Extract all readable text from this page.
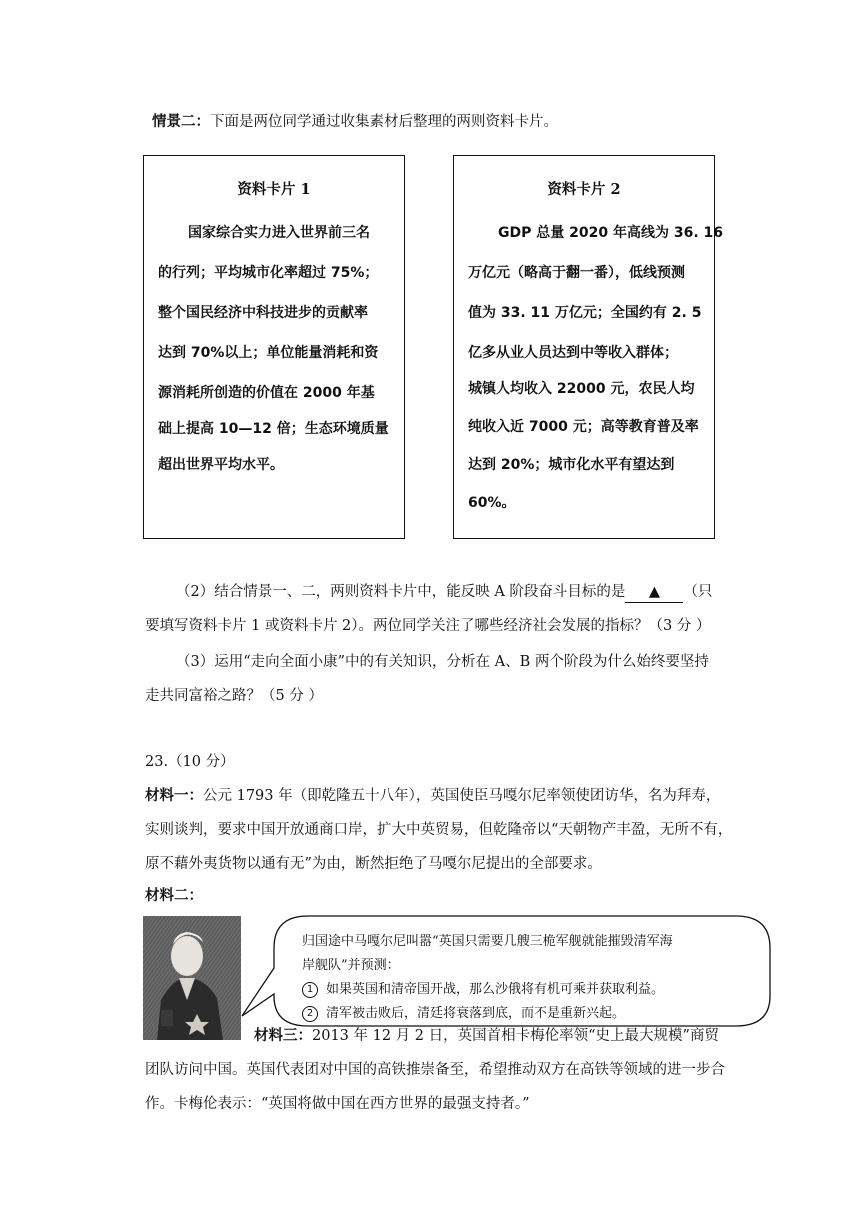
情景二：下面是两位同学通过收集素材后整理的两则资料卡片。
资料卡片 1
国家综合实力进入世界前三名
的行列；平均城市化率超过 75%；
整个国民经济中科技进步的贡献率
达到 70%以上；单位能量消耗和资
源消耗所创造的价值在 2000 年基
础上提高 10—12 倍；生态环境质量
超出世界平均水平。
资料卡片 2
GDP 总量 2020 年高线为 36. 16
万亿元（略高于翻一番），低线预测
值为 33. 11 万亿元；全国约有 2. 5
亿多从业人员达到中等收入群体；
城镇人均收入 22000 元，农民人均
纯收入近 7000 元；高等教育普及率
达到 20%；城市化水平有望达到
60%。
（2）结合情景一、二，两则资料卡片中，能反映 A 阶段奋斗目标的是 ▲ （只
要填写资料卡片 1 或资料卡片 2）。两位同学关注了哪些经济社会发展的指标？（3 分 ）
（3）运用“走向全面小康”中的有关知识，分析在 A、B 两个阶段为什么始终要坚持
走共同富裕之路？（5 分 ）
23.（10 分）
材料一：公元 1793 年（即乾隆五十八年），英国使臣马嘎尔尼率领使团访华，名为拜寿，
实则谈判，要求中国开放通商口岸，扩大中英贸易，但乾隆帝以“天朝物产丰盈，无所不有，
原不藉外夷货物以通有无”为由，断然拒绝了马嘎尔尼提出的全部要求。
材料二：
归国途中马嘎尔尼叫嚣“英国只需要几艘三桅军舰就能摧毁清军海
岸舰队”并预测：
1 如果英国和清帝国开战，那么沙俄将有机可乘并获取利益。
2 清军被击败后，清廷将衰落到底，而不是重新兴起。
材料三：2013 年 12 月 2 日，英国首相卡梅伦率领“史上最大规模”商贸
团队访问中国。英国代表团对中国的高铁推崇备至，希望推动双方在高铁等领域的进一步合
作。卡梅伦表示：“英国将做中国在西方世界的最强支持者。”
